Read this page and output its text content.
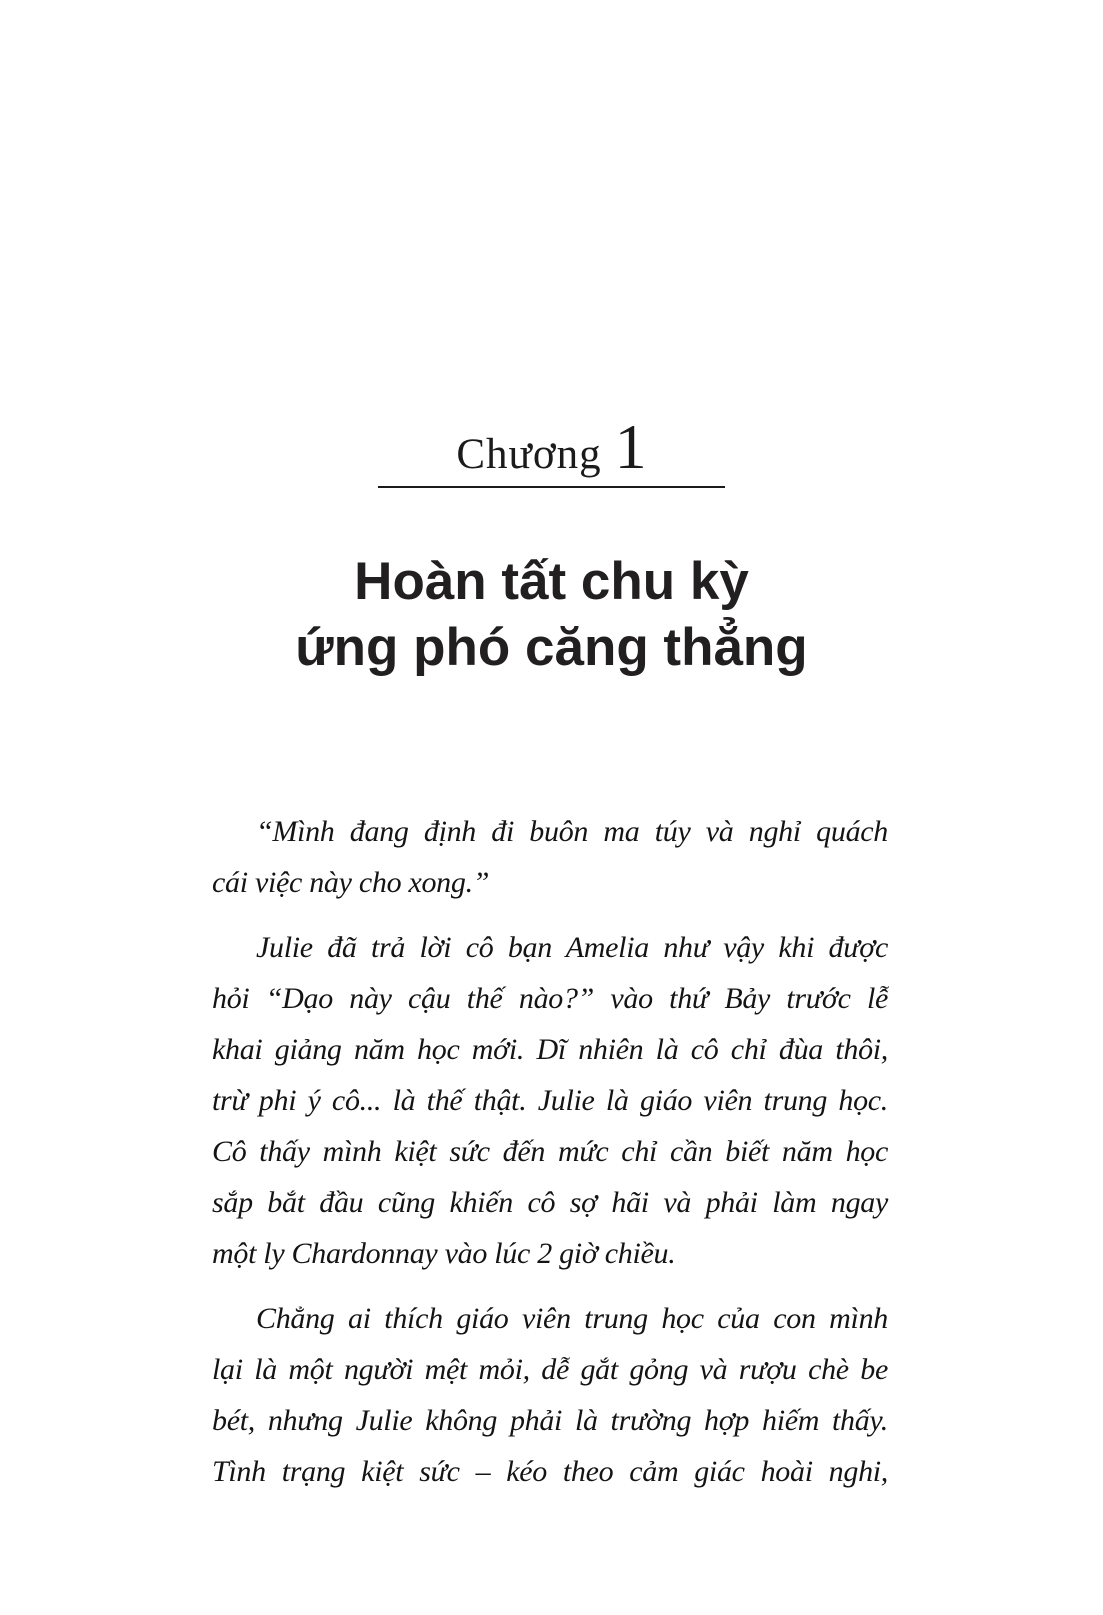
Chương 1
Hoàn tất chu kỳ
ứng phó căng thẳng
“Mình đang định đi buôn ma túy và nghỉ quách
cái việc này cho xong.”
Julie đã trả lời cô bạn Amelia như vậy khi được
hỏi “Dạo này cậu thế nào?” vào thứ Bảy trước lễ
khai giảng năm học mới. Dĩ nhiên là cô chỉ đùa thôi,
trừ phi ý cô... là thế thật. Julie là giáo viên trung học.
Cô thấy mình kiệt sức đến mức chỉ cần biết năm học
sắp bắt đầu cũng khiến cô sợ hãi và phải làm ngay
một ly Chardonnay vào lúc 2 giờ chiều.
Chẳng ai thích giáo viên trung học của con mình
lại là một người mệt mỏi, dễ gắt gỏng và rượu chè be
bét, nhưng Julie không phải là trường hợp hiếm thấy.
Tình trạng kiệt sức – kéo theo cảm giác hoài nghi,
